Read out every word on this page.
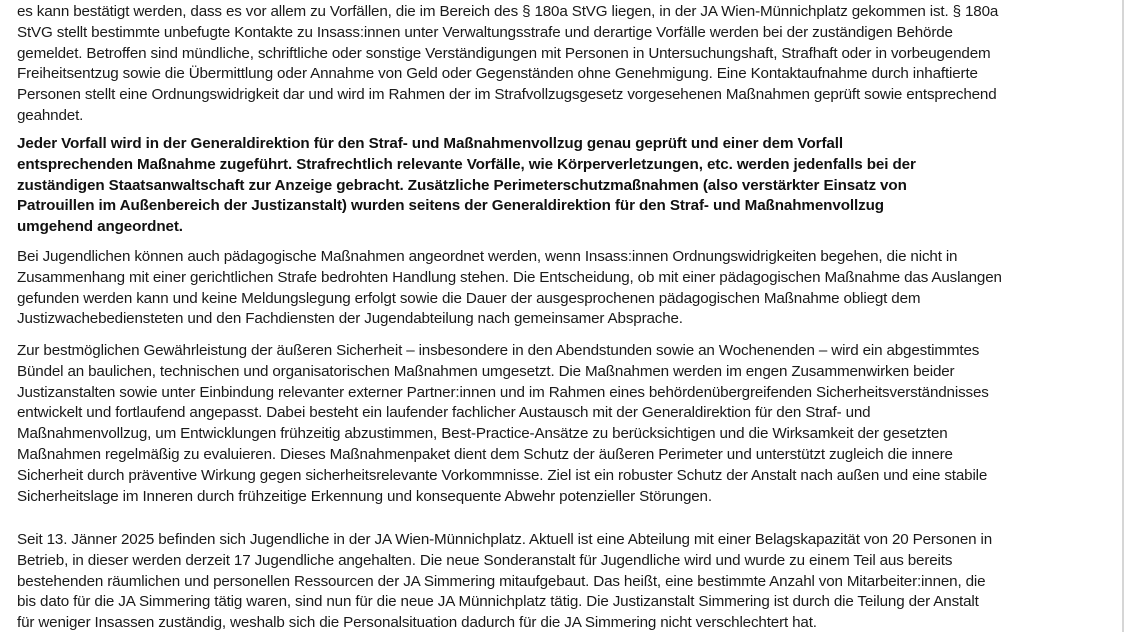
es kann bestätigt werden, dass es vor allem zu Vorfällen, die im Bereich des § 180a StVG liegen, in der JA Wien-Münnichplatz gekommen ist. § 180a
StVG stellt bestimmte unbefugte Kontakte zu Insass:innen unter Verwaltungsstrafe und derartige Vorfälle werden bei der zuständigen Behörde
gemeldet. Betroffen sind mündliche, schriftliche oder sonstige Verständigungen mit Personen in Untersuchungshaft, Strafhaft oder in vorbeugendem
Freiheitsentzug sowie die Übermittlung oder Annahme von Geld oder Gegenständen ohne Genehmigung. Eine Kontaktaufnahme durch inhaftierte
Personen stellt eine Ordnungswidrigkeit dar und wird im Rahmen der im Strafvollzugsgesetz vorgesehenen Maßnahmen geprüft sowie entsprechend
geahndet.

Jeder Vorfall wird in der Generaldirektion für den Straf- und Maßnahmenvollzug genau geprüft und einer dem Vorfall
entsprechenden Maßnahme zugeführt. Strafrechtlich relevante Vorfälle, wie Körperverletzungen, etc. werden jedenfalls bei der
zuständigen Staatsanwaltschaft zur Anzeige gebracht. Zusätzliche Perimeterschutzmaßnahmen (also verstärkter Einsatz von
Patrouillen im Außenbereich der Justizanstalt) wurden seitens der Generaldirektion für den Straf- und Maßnahmenvollzug
umgehend angeordnet.

Bei Jugendlichen können auch pädagogische Maßnahmen angeordnet werden, wenn Insass:innen Ordnungswidrigkeiten begehen, die nicht in
Zusammenhang mit einer gerichtlichen Strafe bedrohten Handlung stehen. Die Entscheidung, ob mit einer pädagogischen Maßnahme das Auslangen
gefunden werden kann und keine Meldungslegung erfolgt sowie die Dauer der ausgesprochenen pädagogischen Maßnahme obliegt dem
Justizwachebediensteten und den Fachdiensten der Jugendabteilung nach gemeinsamer Absprache.

Zur bestmöglichen Gewährleistung der äußeren Sicherheit – insbesondere in den Abendstunden sowie an Wochenenden – wird ein abgestimmtes
Bündel an baulichen, technischen und organisatorischen Maßnahmen umgesetzt. Die Maßnahmen werden im engen Zusammenwirken beider
Justizanstalten sowie unter Einbindung relevanter externer Partner:innen und im Rahmen eines behördenübergreifenden Sicherheitsverständnisses
entwickelt und fortlaufend angepasst. Dabei besteht ein laufender fachlicher Austausch mit der Generaldirektion für den Straf- und
Maßnahmenvollzug, um Entwicklungen frühzeitig abzustimmen, Best-Practice-Ansätze zu berücksichtigen und die Wirksamkeit der gesetzten
Maßnahmen regelmäßig zu evaluieren. Dieses Maßnahmenpaket dient dem Schutz der äußeren Perimeter und unterstützt zugleich die innere
Sicherheit durch präventive Wirkung gegen sicherheitsrelevante Vorkommnisse. Ziel ist ein robuster Schutz der Anstalt nach außen und eine stabile
Sicherheitslage im Inneren durch frühzeitige Erkennung und konsequente Abwehr potenzieller Störungen.

Seit 13. Jänner 2025 befinden sich Jugendliche in der JA Wien-Münnichplatz. Aktuell ist eine Abteilung mit einer Belagskapazität von 20 Personen in
Betrieb, in dieser werden derzeit 17 Jugendliche angehalten. Die neue Sonderanstalt für Jugendliche wird und wurde zu einem Teil aus bereits
bestehenden räumlichen und personellen Ressourcen der JA Simmering mitaufgebaut. Das heißt, eine bestimmte Anzahl von Mitarbeiter:innen, die
bis dato für die JA Simmering tätig waren, sind nun für die neue JA Münnichplatz tätig. Die Justizanstalt Simmering ist durch die Teilung der Anstalt
für weniger Insassen zuständig, weshalb sich die Personalsituation dadurch für die JA Simmering nicht verschlechtert hat.
